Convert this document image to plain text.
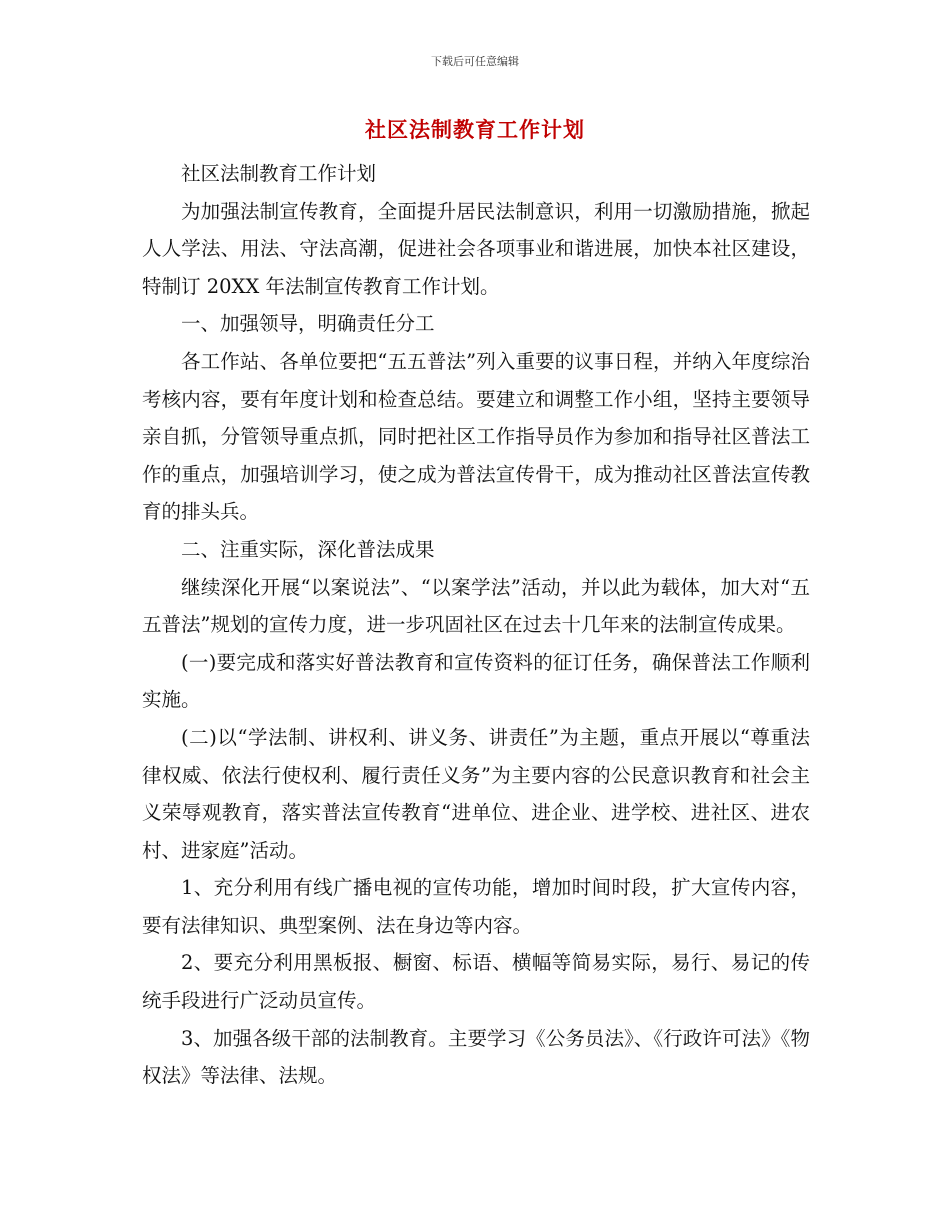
下载后可任意编辑
社区法制教育工作计划

社区法制教育工作计划

为加强法制宣传教育，全面提升居民法制意识，利用一切激励措施，掀起人人学法、用法、守法高潮，促进社会各项事业和谐进展，加快本社区建设，特制订 20XX 年法制宣传教育工作计划。

一、加强领导，明确责任分工

各工作站、各单位要把“五五普法”列入重要的议事日程，并纳入年度综治考核内容，要有年度计划和检查总结。要建立和调整工作小组，坚持主要领导亲自抓，分管领导重点抓，同时把社区工作指导员作为参加和指导社区普法工作的重点，加强培训学习，使之成为普法宣传骨干，成为推动社区普法宣传教育的排头兵。

二、注重实际，深化普法成果

继续深化开展“以案说法”、“以案学法”活动，并以此为载体，加大对“五五普法”规划的宣传力度，进一步巩固社区在过去十几年来的法制宣传成果。

(一)要完成和落实好普法教育和宣传资料的征订任务，确保普法工作顺利实施。

(二)以“学法制、讲权利、讲义务、讲责任”为主题，重点开展以“尊重法律权威、依法行使权利、履行责任义务”为主要内容的公民意识教育和社会主义荣辱观教育，落实普法宣传教育“进单位、进企业、进学校、进社区、进农村、进家庭”活动。

1、充分利用有线广播电视的宣传功能，增加时间时段，扩大宣传内容，要有法律知识、典型案例、法在身边等内容。

2、要充分利用黑板报、橱窗、标语、横幅等简易实际，易行、易记的传统手段进行广泛动员宣传。

3、加强各级干部的法制教育。主要学习《公务员法》、《行政许可法》《物权法》等法律、法规。
